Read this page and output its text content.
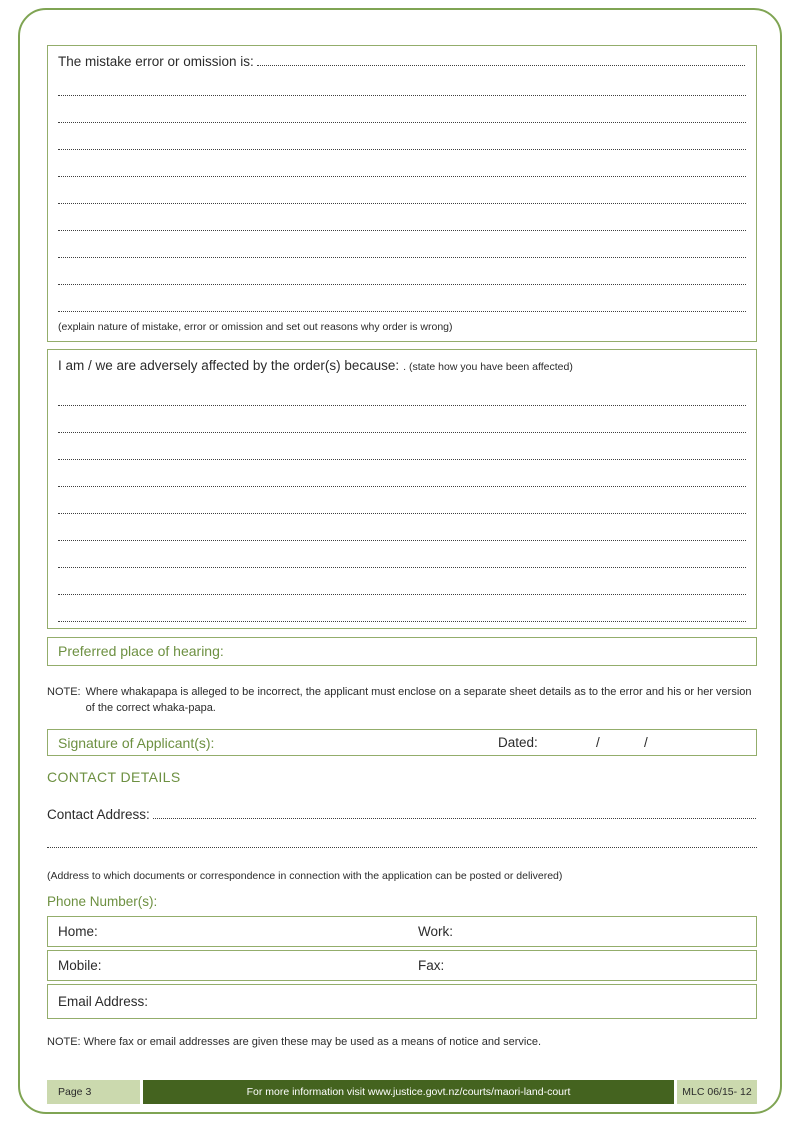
The mistake error or omission is:
(explain nature of mistake, error or omission and set out reasons why order is wrong)
I am / we are adversely affected by the order(s) because: . (state how you have been affected)
Preferred place of hearing:

NOTE: Where whakapapa is alleged to be incorrect, the applicant must enclose on a separate sheet details as to the error and his or her version of the correct whaka-papa.

Signature of Applicant(s):	Dated:	/	/
CONTACT DETAILS
Contact Address:
(Address to which documents or correspondence in connection with the application can be posted or delivered)
Phone Number(s):
Home:	Work:
Mobile:	Fax:
Email Address:

NOTE: Where fax or email addresses are given these may be used as a means of notice and service.

Page 3	For more information visit www.justice.govt.nz/courts/maori-land-court	MLC 06/15- 12
